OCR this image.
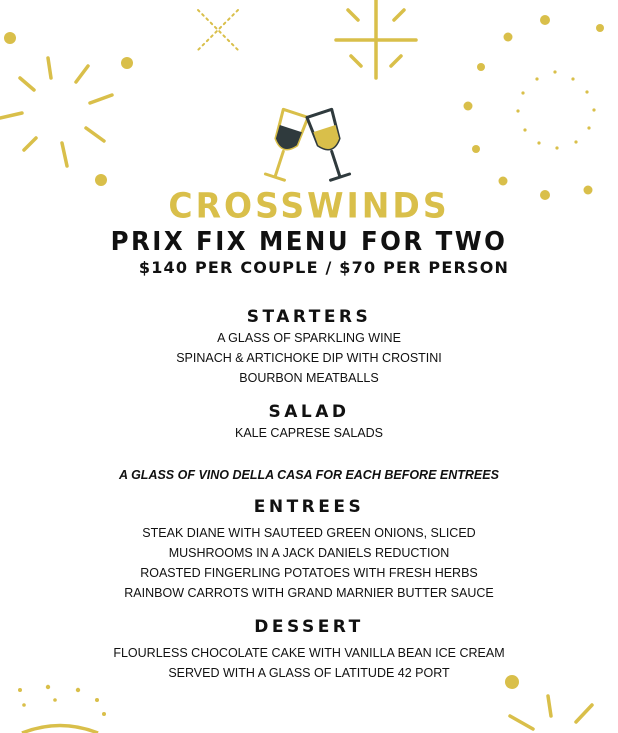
CROSSWINDS
PRIX FIX MENU FOR TWO
$140 PER COUPLE / $70 PER PERSON
STARTERS
A GLASS OF SPARKLING WINE
SPINACH & ARTICHOKE DIP WITH CROSTINI
BOURBON MEATBALLS
SALAD
KALE CAPRESE SALADS
A GLASS OF VINO DELLA CASA FOR EACH BEFORE ENTREES
ENTREES
STEAK DIANE WITH SAUTEED GREEN ONIONS, SLICED
MUSHROOMS IN A JACK DANIELS REDUCTION
ROASTED FINGERLING POTATOES WITH FRESH HERBS
RAINBOW CARROTS WITH GRAND MARNIER BUTTER SAUCE
DESSERT
FLOURLESS CHOCOLATE CAKE WITH VANILLA BEAN ICE CREAM
SERVED WITH A GLASS OF LATITUDE 42 PORT
